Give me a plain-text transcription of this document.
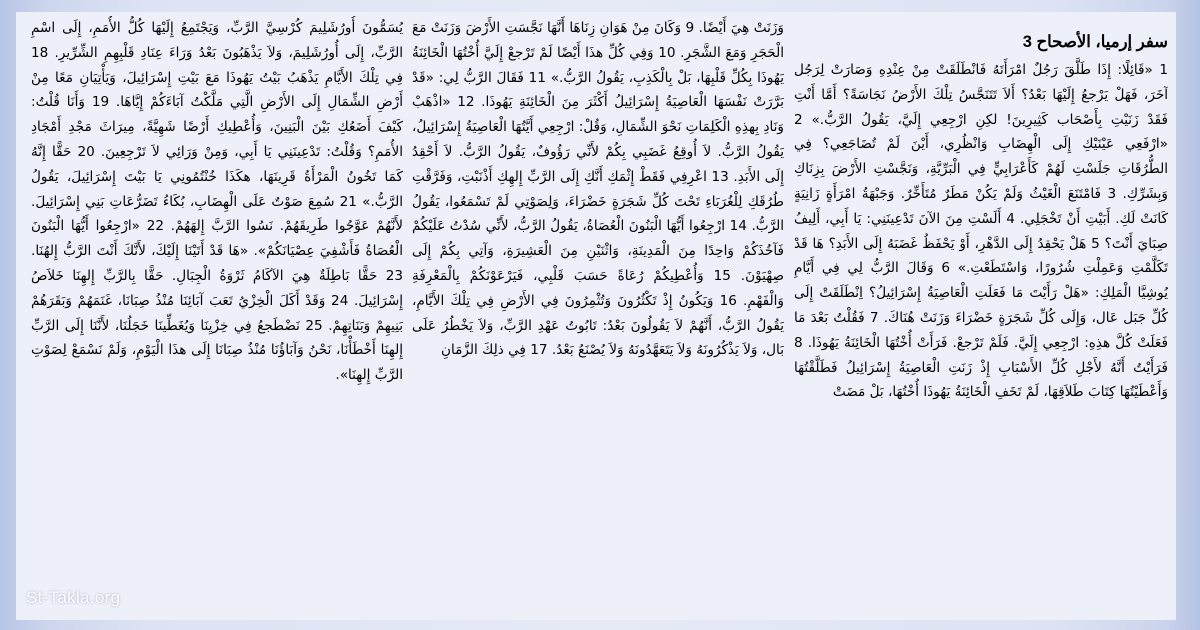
سفر إرميا، الأصحاح 3

1 «قَائِلًا: إِذَا طَلَّقَ رَجُلٌ امْرَأَتَهُ فَانْطَلَقَتْ مِنْ عِنْدِهِ وَصَارَتْ لِرَجُل آخَرَ، فَهَلْ يَرْجعُ إِلَيْهَا بَعْدُ؟ أَلاَ تَتَنَجَّسُ تِلْكَ الأَرْضُ نَجَاسَةً؟ أَمَّا أَنْتِ فَقَدْ زَنَيْتِ بِأَصْحَاب كَثِيرِينَ! لكِنِ ارْجِعِي إِلَيَّ، يَقُولُ الرَّبُّ.» 2 «ارْفَعِي عَيْنَيْكِ إِلَى الْهِضَابِ وَانْظُرِي، أَيْنَ لَمْ تُضَاجَعِي؟ فِي الطُّرُقَاتِ جَلَسْتِ لَهُمْ كَأَعْرَابِيٍّ فِي الْبَرِّيَّةِ، وَنَجَّسْتِ الأَرْضَ بِزِنَاكِ وَبِشَرِّكِ. 3 فَامْتَنَعَ الْغَيْثُ وَلَمْ يَكُنْ مَطَرٌ مُتَأَخِّرٌ. وَجَبْهَةُ امْرَأَةٍ زَانِيَةٍ كَانَتْ لَكِ. أَبَيْتِ أَنْ تَخْجَلِي. 4 أَلَسْتِ مِنَ الآنَ تَدْعِينَنِي: يَا أَبِي، أَلِيفُ صِبَايَ أَنْتَ؟ 5 هَلْ يَحْقِدُ إِلَى الدَّهْرِ، أَوْ يَحْفَظُ غَضَبَهُ إِلَى الأَبَدِ؟ هَا قَدْ تَكَلَّمْتِ وَعَمِلْتِ شُرُورًا، وَاسْتَطَعْتِ.» 6 وَقَالَ الرَّبُّ لِي فِي أَيَّامِ يُوشِيَّا الْمَلِكِ: «هَلْ رَأَيْتَ مَا فَعَلَتِ الْعَاصِيَةُ إِسْرَائِيلُ؟ اِنْطَلَقَتْ إِلَى كُلِّ جَبَل عَال، وَإِلَى كُلِّ شَجَرَةٍ خَضْرَاءَ وَزَنَتْ هُنَاكَ. 7 فَقُلْتُ بَعْدَ مَا فَعَلَتْ كُلَّ هذِهِ: ارْجِعِي إِلَيَّ. فَلَمْ تَرْجعْ. فَرَأَتْ أُخْتُهَا الْخَائِنَةُ يَهُوذَا. 8 فَرَأَيْتُ أَنَّهُ لأَجْلِ كُلِّ الأَسْبَابِ إِذْ زَنَتِ الْعَاصِيَةُ إِسْرَائِيلُ فَطَلَّقْتُهَا وَأَعْطَيْتُهَا كِتَابَ طَلاَقِهَا، لَمْ تَخَفِ الْخَائِنَةُ يَهُوذَا أُخْتُهَا، بَلْ مَضَتْ

وَزَنَتْ هِيَ أَيْضًا. 9 وَكَانَ مِنْ هَوَانِ زِنَاهَا أَنَّهَا نَجَّسَتِ الأَرْضَ وَزَنَتْ مَعَ الْحَجَرِ وَمَعَ الشَّجَرِ. 10 وَفِي كُلِّ هذَا أَيْضًا لَمْ تَرْجعْ إِلَيَّ أُخْتُهَا الْخَائِنَةُ يَهُوذَا بِكُلِّ قَلْبِهَا، بَلْ بِالْكَذِبِ، يَقُولُ الرَّبُّ.» 11 فَقَالَ الرَّبُّ لِي: «قَدْ بَرَّرَتْ نَفْسَهَا الْعَاصِيَةُ إِسْرَائِيلُ أَكْثَرَ مِنَ الْخَائِنَةِ يَهُوذَا. 12 «اذْهَبْ وَنَادِ بِهذِهِ الْكَلِمَاتِ نَحْوَ الشِّمَالِ، وَقُلْ: ارْجِعِي أَيَّتُهَا الْعَاصِيَةُ إِسْرَائِيلُ، يَقُولُ الرَّبُّ. لاَ أُوقِعُ غَضَبِي بِكُمْ لأَنِّي رَؤُوفٌ، يَقُولُ الرَّبُّ. لاَ أَحْقِدُ إِلَى الأَبَدِ. 13 اعْرِفِي فَقَطْ إِثْمَكِ أَنَّكِ إِلَى الرَّبِّ إِلهِكِ أَذْنَبْتِ، وَفَرَّقْتِ طُرُقَكِ لِلْغُرَبَاءِ تَحْتَ كُلِّ شَجَرَةٍ خَضْرَاءَ، وَلِصَوْتِي لَمْ تَسْمَعُوا، يَقُولُ الرَّبُّ. 14 ارْجِعُوا أَيُّهَا الْبَنُونَ الْعُصَاةُ، يَقُولُ الرَّبُّ، لأَنِّي سُدْتُ عَلَيْكُمْ فَآخُذَكُمْ وَاحِدًا مِنَ الْمَدِينَةِ، وَاثْنَيْنِ مِنَ الْعَشِيرَةِ، وَآتِي بِكُمْ إِلَى صِهْيَوْنَ. 15 وَأُعْطِيكُمْ رُعَاةً حَسَبَ قَلْبِي، فَيَرْعَوْنَكُمْ بِالْمَعْرِفَةِ وَالْفَهْمِ. 16 وَيَكُونُ إِذْ تَكْثُرُونَ وَتُثْمِرُونَ فِي الأَرْضِ فِي تِلْكَ الأَيَّامِ، يَقُولُ الرَّبُّ، أَنَّهُمْ لاَ يَقُولُونَ بَعْدُ: تَابُوتُ عَهْدِ الرَّبِّ، وَلاَ يَخْطُرُ عَلَى بَال، وَلاَ يَذْكُرُونَهُ وَلاَ يَتَعَهَّدُونَهُ وَلاَ يُصْنَعُ بَعْدُ. 17 فِي ذلِكَ الزَّمَانِ

يُسَمُّونَ أُورُشَلِيمَ كُرْسِيَّ الرَّبِّ، وَيَجْتَمِعُ إِلَيْهَا كُلُّ الأُمَمِ، إِلَى اسْمِ الرَّبِّ، إِلَى أُورُشَلِيمَ، وَلاَ يَذْهَبُونَ بَعْدُ وَرَاءَ عِنَادِ قَلْبِهِمِ الشِّرِّيرِ. 18 فِي تِلْكَ الأَيَّامِ يَذْهَبُ بَيْتُ يَهُوذَا مَعَ بَيْتِ إِسْرَائِيلَ، وَيَأْتِيَانِ مَعًا مِنْ أَرْضِ الشِّمَالِ إِلَى الأَرْضِ الَّتِي مَلَّكْتُ آبَاءَكُمْ إِيَّاهَا. 19 وَأَنَا قُلْتُ: كَيْفَ أَضَعُكِ بَيْنَ الْبَنِينَ، وَأُعْطِيكِ أَرْضًا شَهِيَّةً، مِيرَاثَ مَجْدِ أَمْجَادِ الأُمَمِ؟ وَقُلْتُ: تَدْعِينَنِي يَا أَبِي، وَمِنْ وَرَائِي لاَ تَرْجِعِينَ. 20 حَقًّا إِنَّهُ كَمَا تَخُونُ الْمَرْأَةُ قَرِينَهَا، هكَذَا خُنْتُمُونِي يَا بَيْتَ إِسْرَائِيلَ، يَقُولُ الرَّبُّ.» 21 سُمِعَ صَوْتٌ عَلَى الْهِضَابِ، بُكَاءُ تَضَرُّعَاتِ بَنِي إِسْرَائِيلَ. لأَنَّهُمْ عَوَّجُوا طَرِيقَهُمْ. نَسُوا الرَّبَّ إِلهَهُمْ. 22 «ارْجِعُوا أَيُّهَا الْبَنُونَ الْعُصَاةُ فَأَشْفِيَ عِصْيَانَكُمْ». «هَا قَدْ أَتَيْنَا إِلَيْكَ، لأَنَّكَ أَنْتَ الرَّبُّ إِلهُنَا. 23 حَقًّا بَاطِلَةٌ هِيَ الآكَامُ ثَرْوَةُ الْجِبَالِ. حَقًّا بِالرَّبِّ إِلهِنَا خَلاَصُ إِسْرَائِيلَ. 24 وَقَدْ أَكَلَ الْخِزْيُ تَعَبَ آبَائِنَا مُنْذُ صِبَانَا، غَنَمَهُمْ وَبَقَرَهُمْ بَنِيهِمْ وَبَنَاتِهِمْ. 25 نَضْطَجعُ فِي خِزْيِنَا وَيُغَطِّينَا خَجَلُنَا، لأَنَّنَا إِلَى الرَّبِّ إِلهِنَا أَخْطَأْنَا، نَحْنُ وَآبَاؤُنَا مُنْذُ صِبَانَا إِلَى هذَا الْيَوْمِ، وَلَمْ نَسْمَعْ لِصَوْتِ الرَّبِّ إِلهِنَا».

St-Takla.org
